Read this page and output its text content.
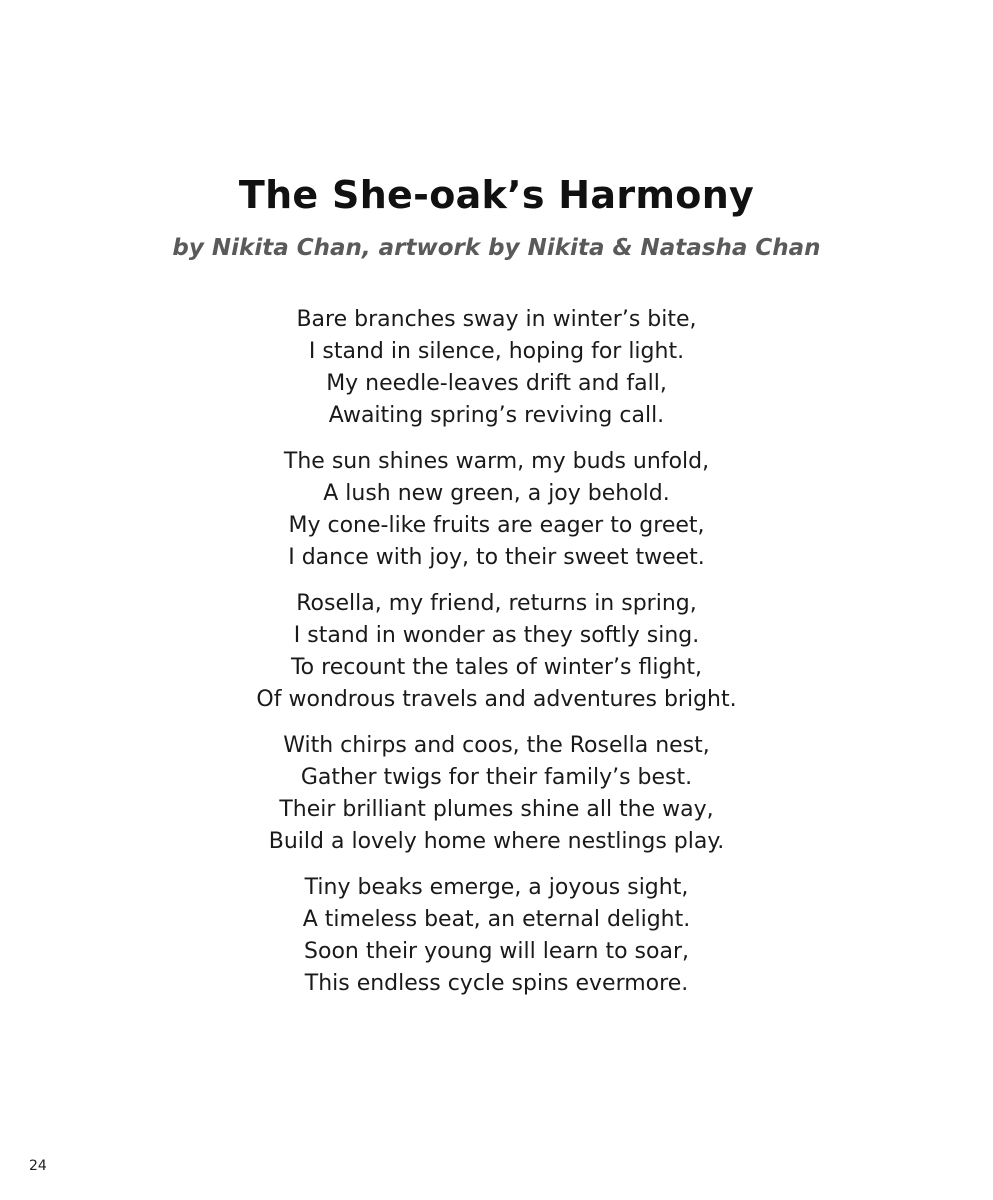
The She-oak’s Harmony

by Nikita Chan, artwork by Nikita & Natasha Chan

Bare branches sway in winter’s bite,
I stand in silence, hoping for light.
My needle-leaves drift and fall,
Awaiting spring’s reviving call.

The sun shines warm, my buds unfold,
A lush new green, a joy behold.
My cone-like fruits are eager to greet,
I dance with joy, to their sweet tweet.

Rosella, my friend, returns in spring,
I stand in wonder as they softly sing.
To recount the tales of winter’s flight,
Of wondrous travels and adventures bright.

With chirps and coos, the Rosella nest,
Gather twigs for their family’s best.
Their brilliant plumes shine all the way,
Build a lovely home where nestlings play.

Tiny beaks emerge, a joyous sight,
A timeless beat, an eternal delight.
Soon their young will learn to soar,
This endless cycle spins evermore.

24
